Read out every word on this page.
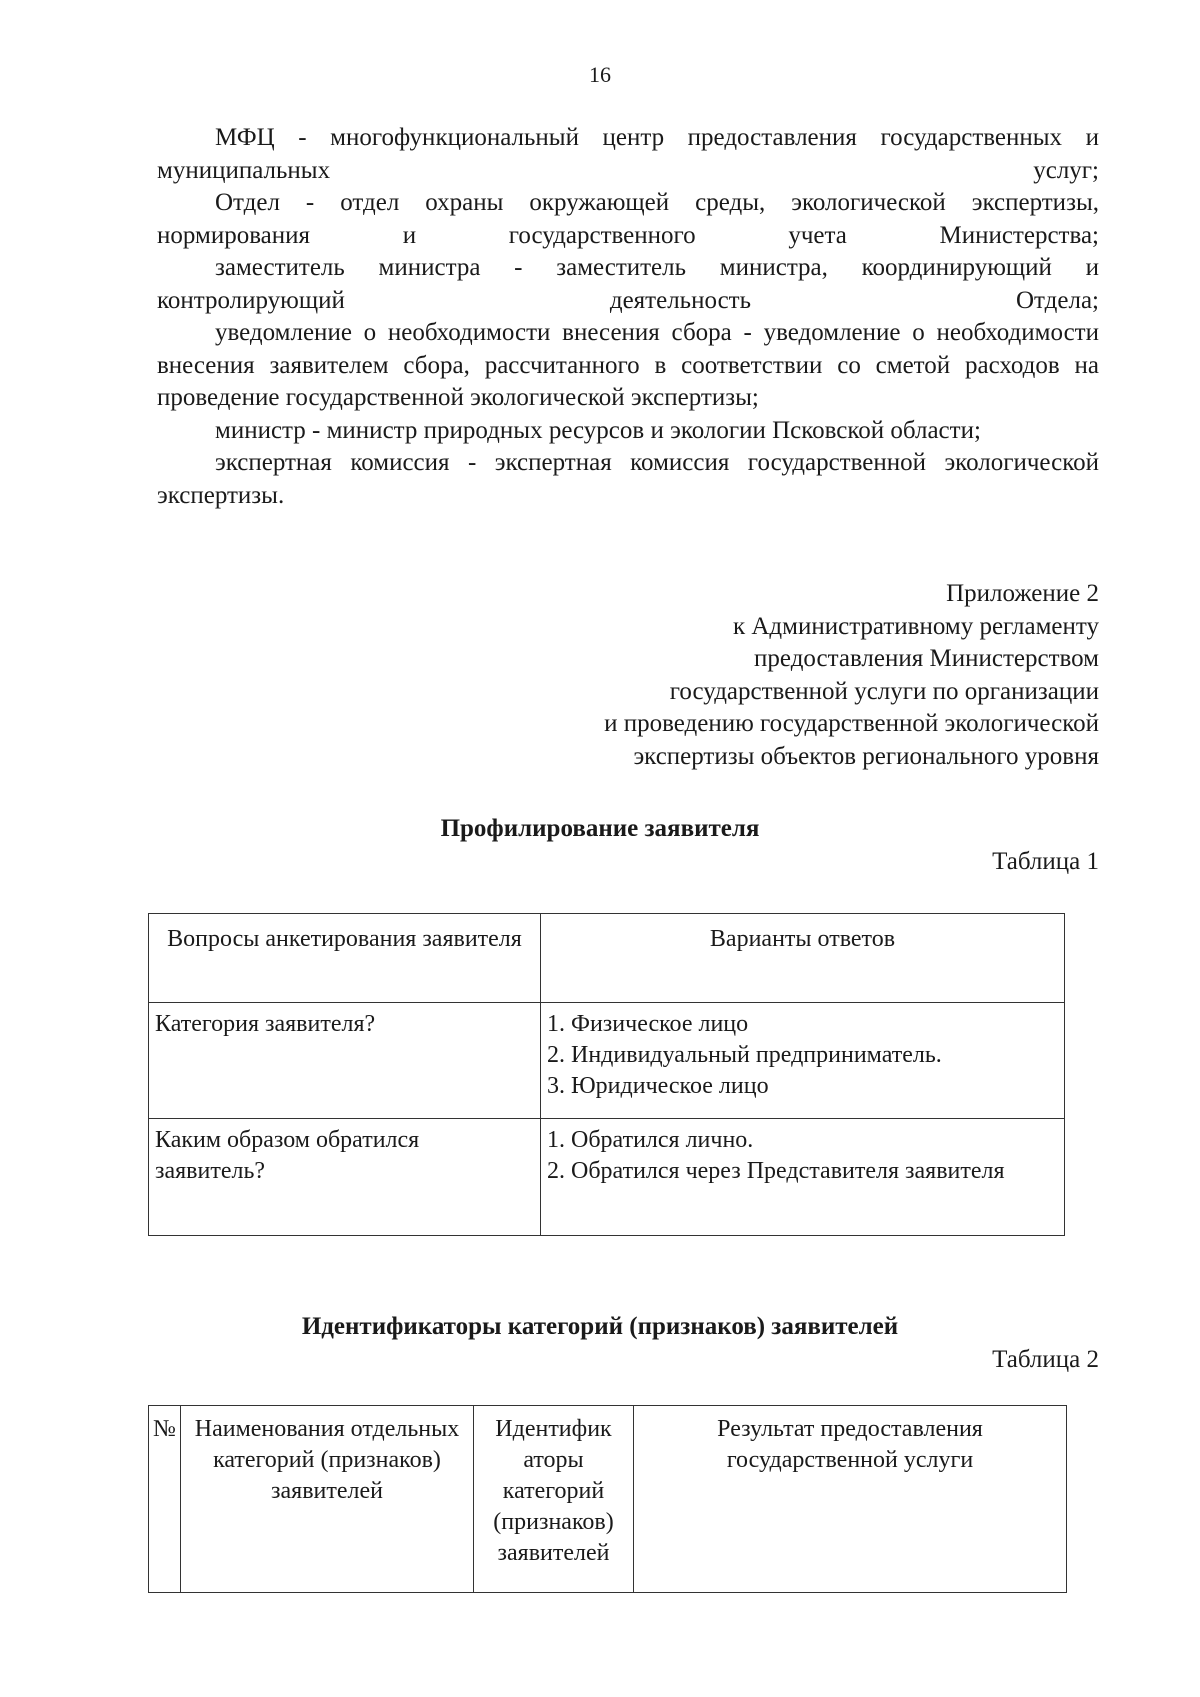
16

МФЦ - многофункциональный центр предоставления государственных и муниципальных услуг;

Отдел - отдел охраны окружающей среды, экологической экспертизы, нормирования и государственного учета Министерства;

заместитель министра - заместитель министра, координирующий и контролирующий деятельность Отдела;

уведомление о необходимости внесения сбора - уведомление о необходимости внесения заявителем сбора, рассчитанного в соответствии со сметой расходов на проведение государственной экологической экспертизы;

министр - министр природных ресурсов и экологии Псковской области;

экспертная комиссия - экспертная комиссия государственной экологической экспертизы.

Приложение 2
к Административному регламенту
предоставления Министерством
государственной услуги по организации
и проведению государственной экологической
экспертизы объектов регионального уровня
Профилирование заявителя
Таблица 1
Вопросы анкетирования заявителя	Варианты ответов
Категория заявителя?	1. Физическое лицо
2. Индивидуальный предприниматель.
3. Юридическое лицо

Каким образом обратился заявитель?	1. Обратился лично.
2. Обратился через Представителя заявителя
Идентификаторы категорий (признаков) заявителей
Таблица 2
№	Наименования отдельных категорий (признаков) заявителей	Идентифик аторы категорий (признаков) заявителей	Результат предоставления государственной услуги
